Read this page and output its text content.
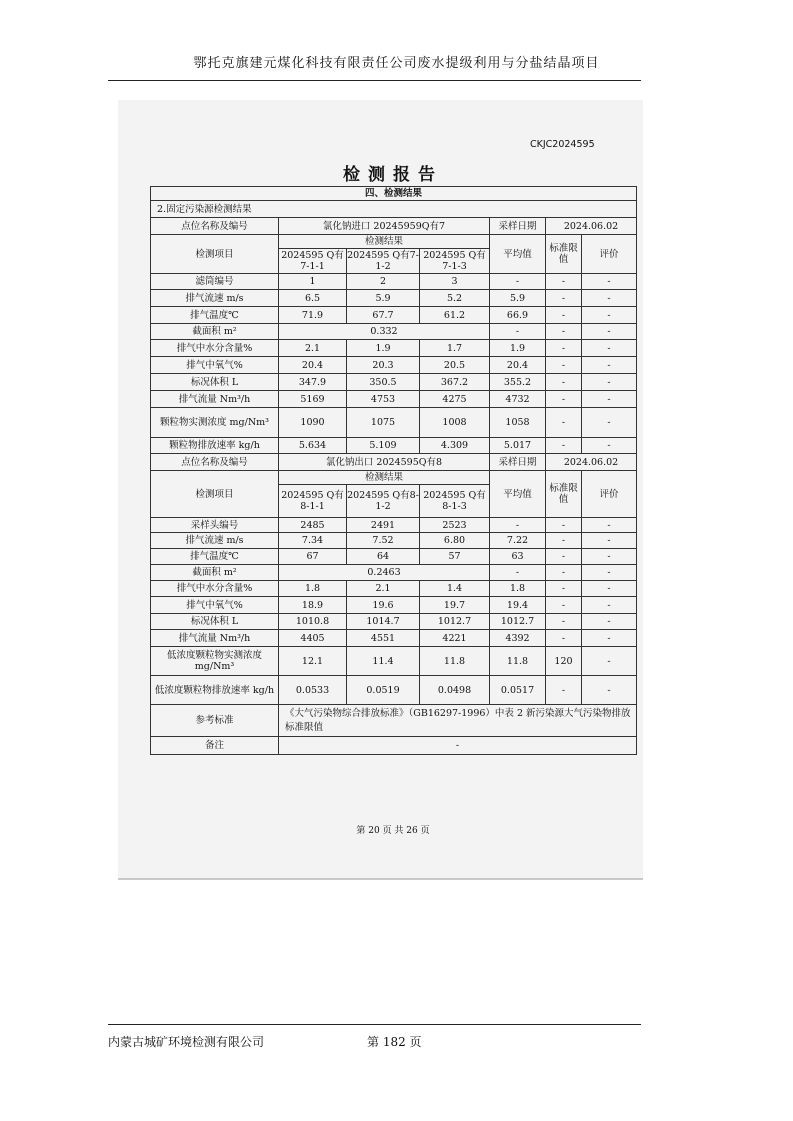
鄂托克旗建元煤化科技有限责任公司废水提级利用与分盐结晶项目
CKJC2024595
检测报告
四、检测结果						
2.固定污染源检测结果						
点位名称及编号	氯化钠进口 20245959Q有7			采样日期	2024.06.02	
检测项目	检测结果			平均值	标准限值	评价
	2024595 Q有7-1-1	2024595 Q有7-1-2	2024595 Q有7-1-3			
滤筒编号	1	2	3	-	-	-
排气流速 m/s	6.5	5.9	5.2	5.9	-	-
排气温度℃	71.9	67.7	61.2	66.9	-	-
截面积 m²	0.332			-	-	-
排气中水分含量%	2.1	1.9	1.7	1.9	-	-
排气中氧气%	20.4	20.3	20.5	20.4	-	-
标况体积 L	347.9	350.5	367.2	355.2	-	-
排气流量 Nm³/h	5169	4753	4275	4732	-	-
颗粒物实测浓度 mg/Nm³	1090	1075	1008	1058	-	-
颗粒物排放速率 kg/h	5.634	5.109	4.309	5.017	-	-
点位名称及编号	氯化钠出口 2024595Q有8			采样日期	2024.06.02	
检测项目	检测结果			平均值	标准限值	评价
	2024595 Q有8-1-1	2024595 Q有8-1-2	2024595 Q有8-1-3			
采样头编号	2485	2491	2523	-	-	-
排气流速 m/s	7.34	7.52	6.80	7.22	-	-
排气温度℃	67	64	57	63	-	-
截面积 m²	0.2463			-	-	-
排气中水分含量%	1.8	2.1	1.4	1.8	-	-
排气中氧气%	18.9	19.6	19.7	19.4	-	-
标况体积 L	1010.8	1014.7	1012.7	1012.7	-	-
排气流量 Nm³/h	4405	4551	4221	4392	-	-
低浓度颗粒物实测浓度 mg/Nm³	12.1	11.4	11.8	11.8	120	-
低浓度颗粒物排放速率 kg/h	0.0533	0.0519	0.0498	0.0517	-	-
参考标准	《大气污染物综合排放标准》（GB16297-1996）中表 2 新污染源大气污染物排放标准限值					
备注	-					
第 20 页 共 26 页
内蒙古城矿环境检测有限公司	第 182 页
